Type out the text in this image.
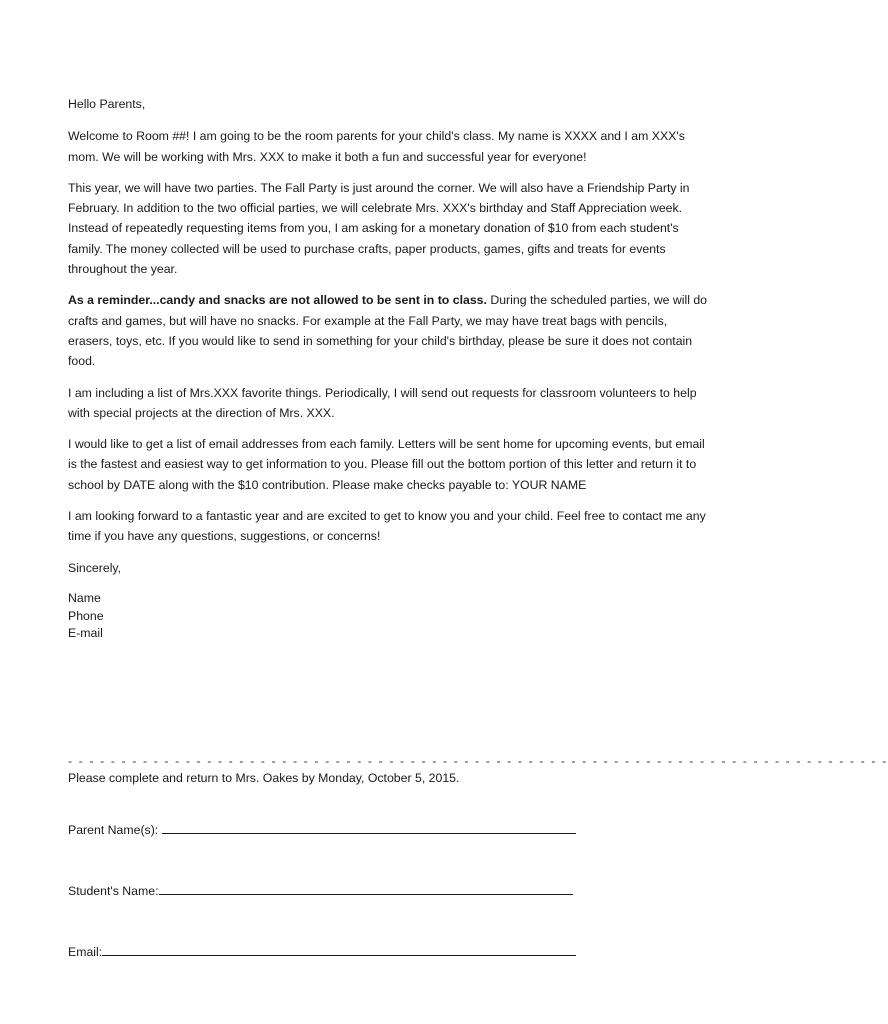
Hello Parents,

Welcome to Room ##! I am going to be the room parents for your child's class. My name is XXXX and I am XXX's mom. We will be working with Mrs. XXX to make it both a fun and successful year for everyone!

This year, we will have two parties. The Fall Party is just around the corner. We will also have a Friendship Party in February. In addition to the two official parties, we will celebrate Mrs. XXX's birthday and Staff Appreciation week. Instead of repeatedly requesting items from you, I am asking for a monetary donation of $10 from each student's family. The money collected will be used to purchase crafts, paper products, games, gifts and treats for events throughout the year.

As a reminder...candy and snacks are not allowed to be sent in to class. During the scheduled parties, we will do crafts and games, but will have no snacks. For example at the Fall Party, we may have treat bags with pencils, erasers, toys, etc. If you would like to send in something for your child's birthday, please be sure it does not contain food.

I am including a list of Mrs.XXX favorite things. Periodically, I will send out requests for classroom volunteers to help with special projects at the direction of Mrs. XXX.

I would like to get a list of email addresses from each family. Letters will be sent home for upcoming events, but email is the fastest and easiest way to get information to you. Please fill out the bottom portion of this letter and return it to school by DATE along with the $10 contribution. Please make checks payable to: YOUR NAME

I am looking forward to a fantastic year and are excited to get to know you and your child. Feel free to contact me any time if you have any questions, suggestions, or concerns!

Sincerely,

Name
Phone
E-mail
- - - - - - - - - - - - - - - - - - - - - - - - - - - - - - - - - - - - - - - - - - - - - - - - - - - - - - - - - - - - - - - - - - - - - - - - - - - - -
Please complete and return to Mrs. Oakes by Monday, October 5, 2015.
Parent Name(s):
Student's Name:
Email:
